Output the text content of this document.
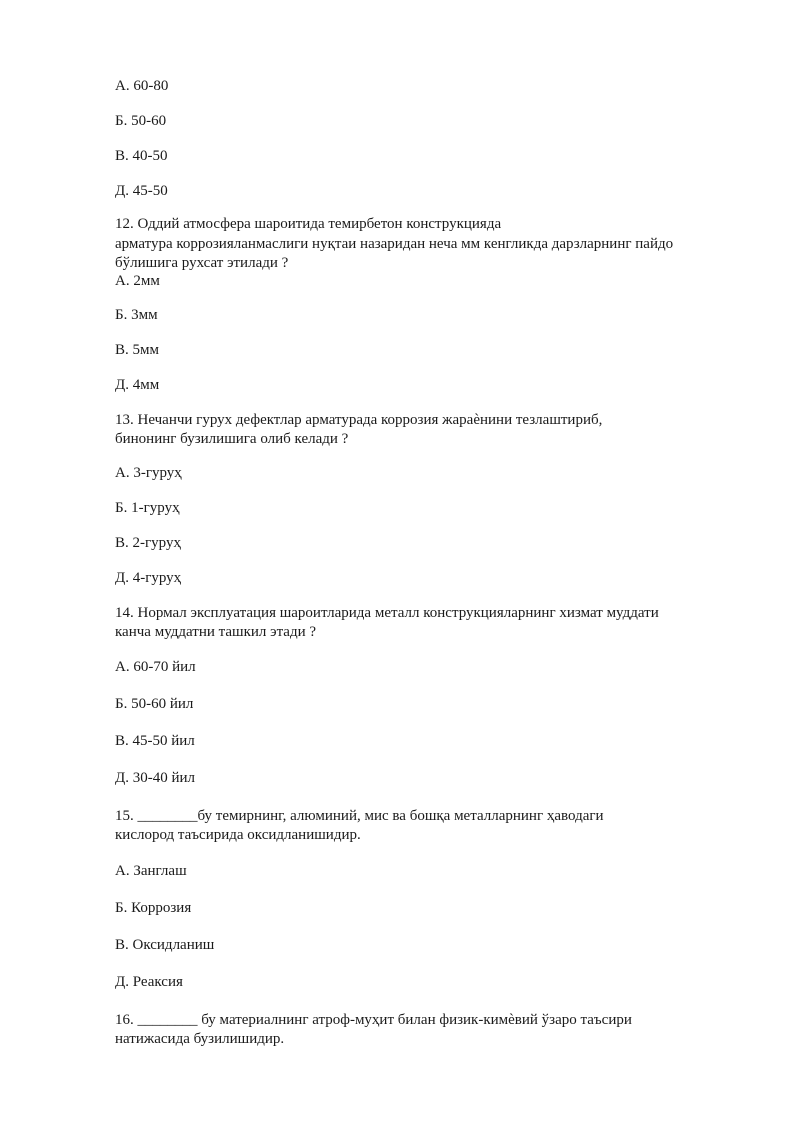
А. 60-80
Б. 50-60
В. 40-50
Д. 45-50
12. Оддий атмосфера шароитида темирбетон конструкцияда
арматура коррозияланмаслиги нуқтаи назаридан неча мм кенгликда дарзларнинг пайдо
бўлишига рухсат этилади ?
А. 2мм
Б. 3мм
В. 5мм
Д. 4мм
13. Нечанчи гурух дефектлар арматурада коррозия жараѐнини тезлаштириб,
бинонинг бузилишига олиб келади ?
А. 3-гуруҳ
Б. 1-гуруҳ
В. 2-гуруҳ
Д. 4-гуруҳ
14. Нормал эксплуатация шароитларида металл конструкцияларнинг хизмат муддати
канча муддатни ташкил этади ?
А. 60-70 йил
Б. 50-60 йил
В. 45-50 йил
Д. 30-40 йил
15. ________бу темирнинг, алюминий, мис ва бошқа металларнинг ҳаводаги
кислород таъсирида оксидланишидир.
А. Занглаш
Б. Коррозия
В. Оксидланиш
Д. Реаксия
16. ________ бу материалнинг атроф-муҳит билан физик-кимѐвий ўзаро таъсири
натижасида бузилишидир.
